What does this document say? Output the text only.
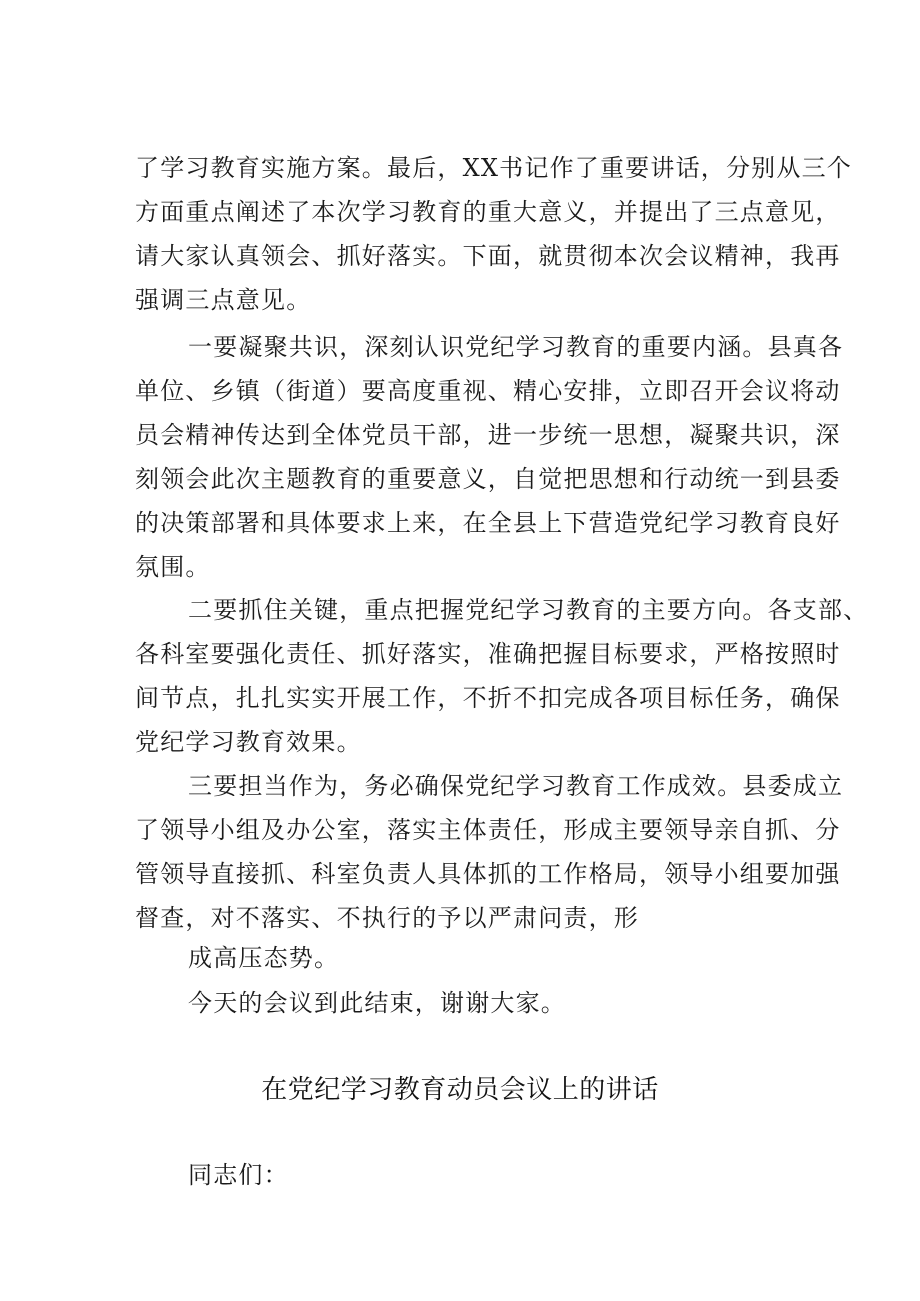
了学习教育实施方案。最后，XX书记作了重要讲话，分别从三个
方面重点阐述了本次学习教育的重大意义，并提出了三点意见，
请大家认真领会、抓好落实。下面，就贯彻本次会议精神，我再
强调三点意见。
一要凝聚共识，深刻认识党纪学习教育的重要内涵。县真各
单位、乡镇（街道）要高度重视、精心安排，立即召开会议将动
员会精神传达到全体党员干部，进一步统一思想，凝聚共识，深
刻领会此次主题教育的重要意义，自觉把思想和行动统一到县委
的决策部署和具体要求上来，在全县上下营造党纪学习教育良好
氛围。
二要抓住关键，重点把握党纪学习教育的主要方向。各支部、
各科室要强化责任、抓好落实，准确把握目标要求，严格按照时
间节点，扎扎实实开展工作，不折不扣完成各项目标任务，确保
党纪学习教育效果。
三要担当作为，务必确保党纪学习教育工作成效。县委成立
了领导小组及办公室，落实主体责任，形成主要领导亲自抓、分
管领导直接抓、科室负责人具体抓的工作格局，领导小组要加强
督查，对不落实、不执行的予以严肃问责，形
成高压态势。
今天的会议到此结束，谢谢大家。
在党纪学习教育动员会议上的讲话
同志们：
